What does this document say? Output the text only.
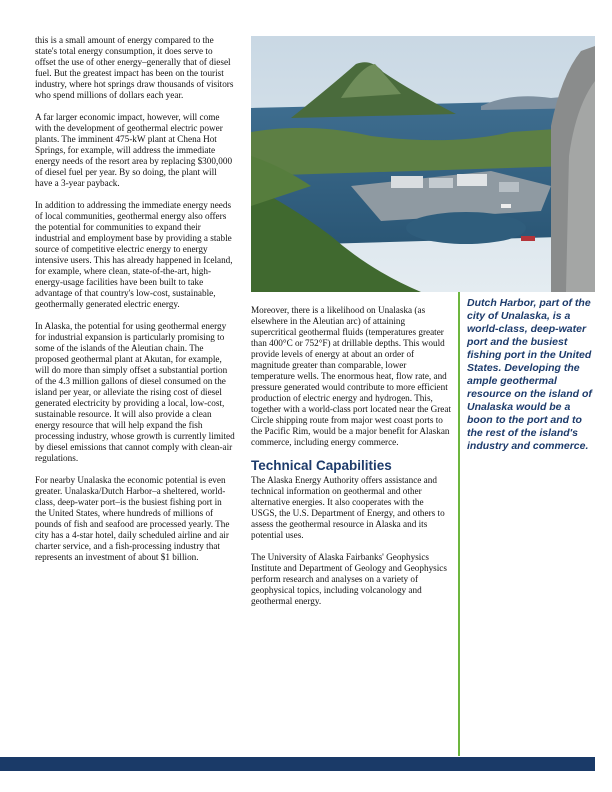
this is a small amount of energy compared to the state's total energy consumption, it does serve to offset the use of other energy–generally that of diesel fuel. But the greatest impact has been on the tourist industry, where hot springs draw thousands of visitors who spend millions of dollars each year.

A far larger economic impact, however, will come with the development of geothermal electric power plants. The imminent 475-kW plant at Chena Hot Springs, for example, will address the immediate energy needs of the resort area by replacing $300,000 of diesel fuel per year. By so doing, the plant will have a 3-year payback.

In addition to addressing the immediate energy needs of local communities, geothermal energy also offers the potential for communities to expand their industrial and employment base by providing a stable source of competitive electric energy to energy intensive users. This has already happened in Iceland, for example, where clean, state-of-the-art, high-energy-usage facilities have been built to take advantage of that country's low-cost, sustainable, geothermally generated electric energy.

In Alaska, the potential for using geothermal energy for industrial expansion is particularly promising to some of the islands of the Aleutian chain. The proposed geothermal plant at Akutan, for example, will do more than simply offset a substantial portion of the 4.3 million gallons of diesel consumed on the island per year, or alleviate the rising cost of diesel generated electricity by providing a local, low-cost, sustainable resource. It will also provide a clean energy resource that will help expand the fish processing industry, whose growth is currently limited by diesel emissions that cannot comply with clean-air regulations.

For nearby Unalaska the economic potential is even greater. Unalaska/Dutch Harbor–a sheltered, world-class, deep-water port–is the busiest fishing port in the United States, where hundreds of millions of pounds of fish and seafood are processed yearly. The city has a 4-star hotel, daily scheduled airline and air charter service, and a fish-processing industry that represents an investment of about $1 billion.

Moreover, there is a likelihood on Unalaska (as elsewhere in the Aleutian arc) of attaining supercritical geothermal fluids (temperatures greater than 400°C or 752°F) at drillable depths. This would provide levels of energy at about an order of magnitude greater than comparable, lower temperature wells. The enormous heat, flow rate, and pressure generated would contribute to more efficient production of electric energy and hydrogen. This, together with a world-class port located near the Great Circle shipping route from major west coast ports to the Pacific Rim, would be a major benefit for Alaskan commerce, including energy commerce.

Technical Capabilities

The Alaska Energy Authority offers assistance and technical information on geothermal and other alternative energies. It also cooperates with the USGS, the U.S. Department of Energy, and others to assess the geothermal resource in Alaska and its potential uses.

The University of Alaska Fairbanks' Geophysics Institute and Department of Geology and Geophysics perform research and analyses on a variety of geophysical topics, including volcanology and geothermal energy.

Dutch Harbor, part of the city of Unalaska, is a world-class, deep-water port and the busiest fishing port in the United States. Developing the ample geothermal resource on the island of Unalaska would be a boon to the port and to the rest of the island's industry and commerce.
